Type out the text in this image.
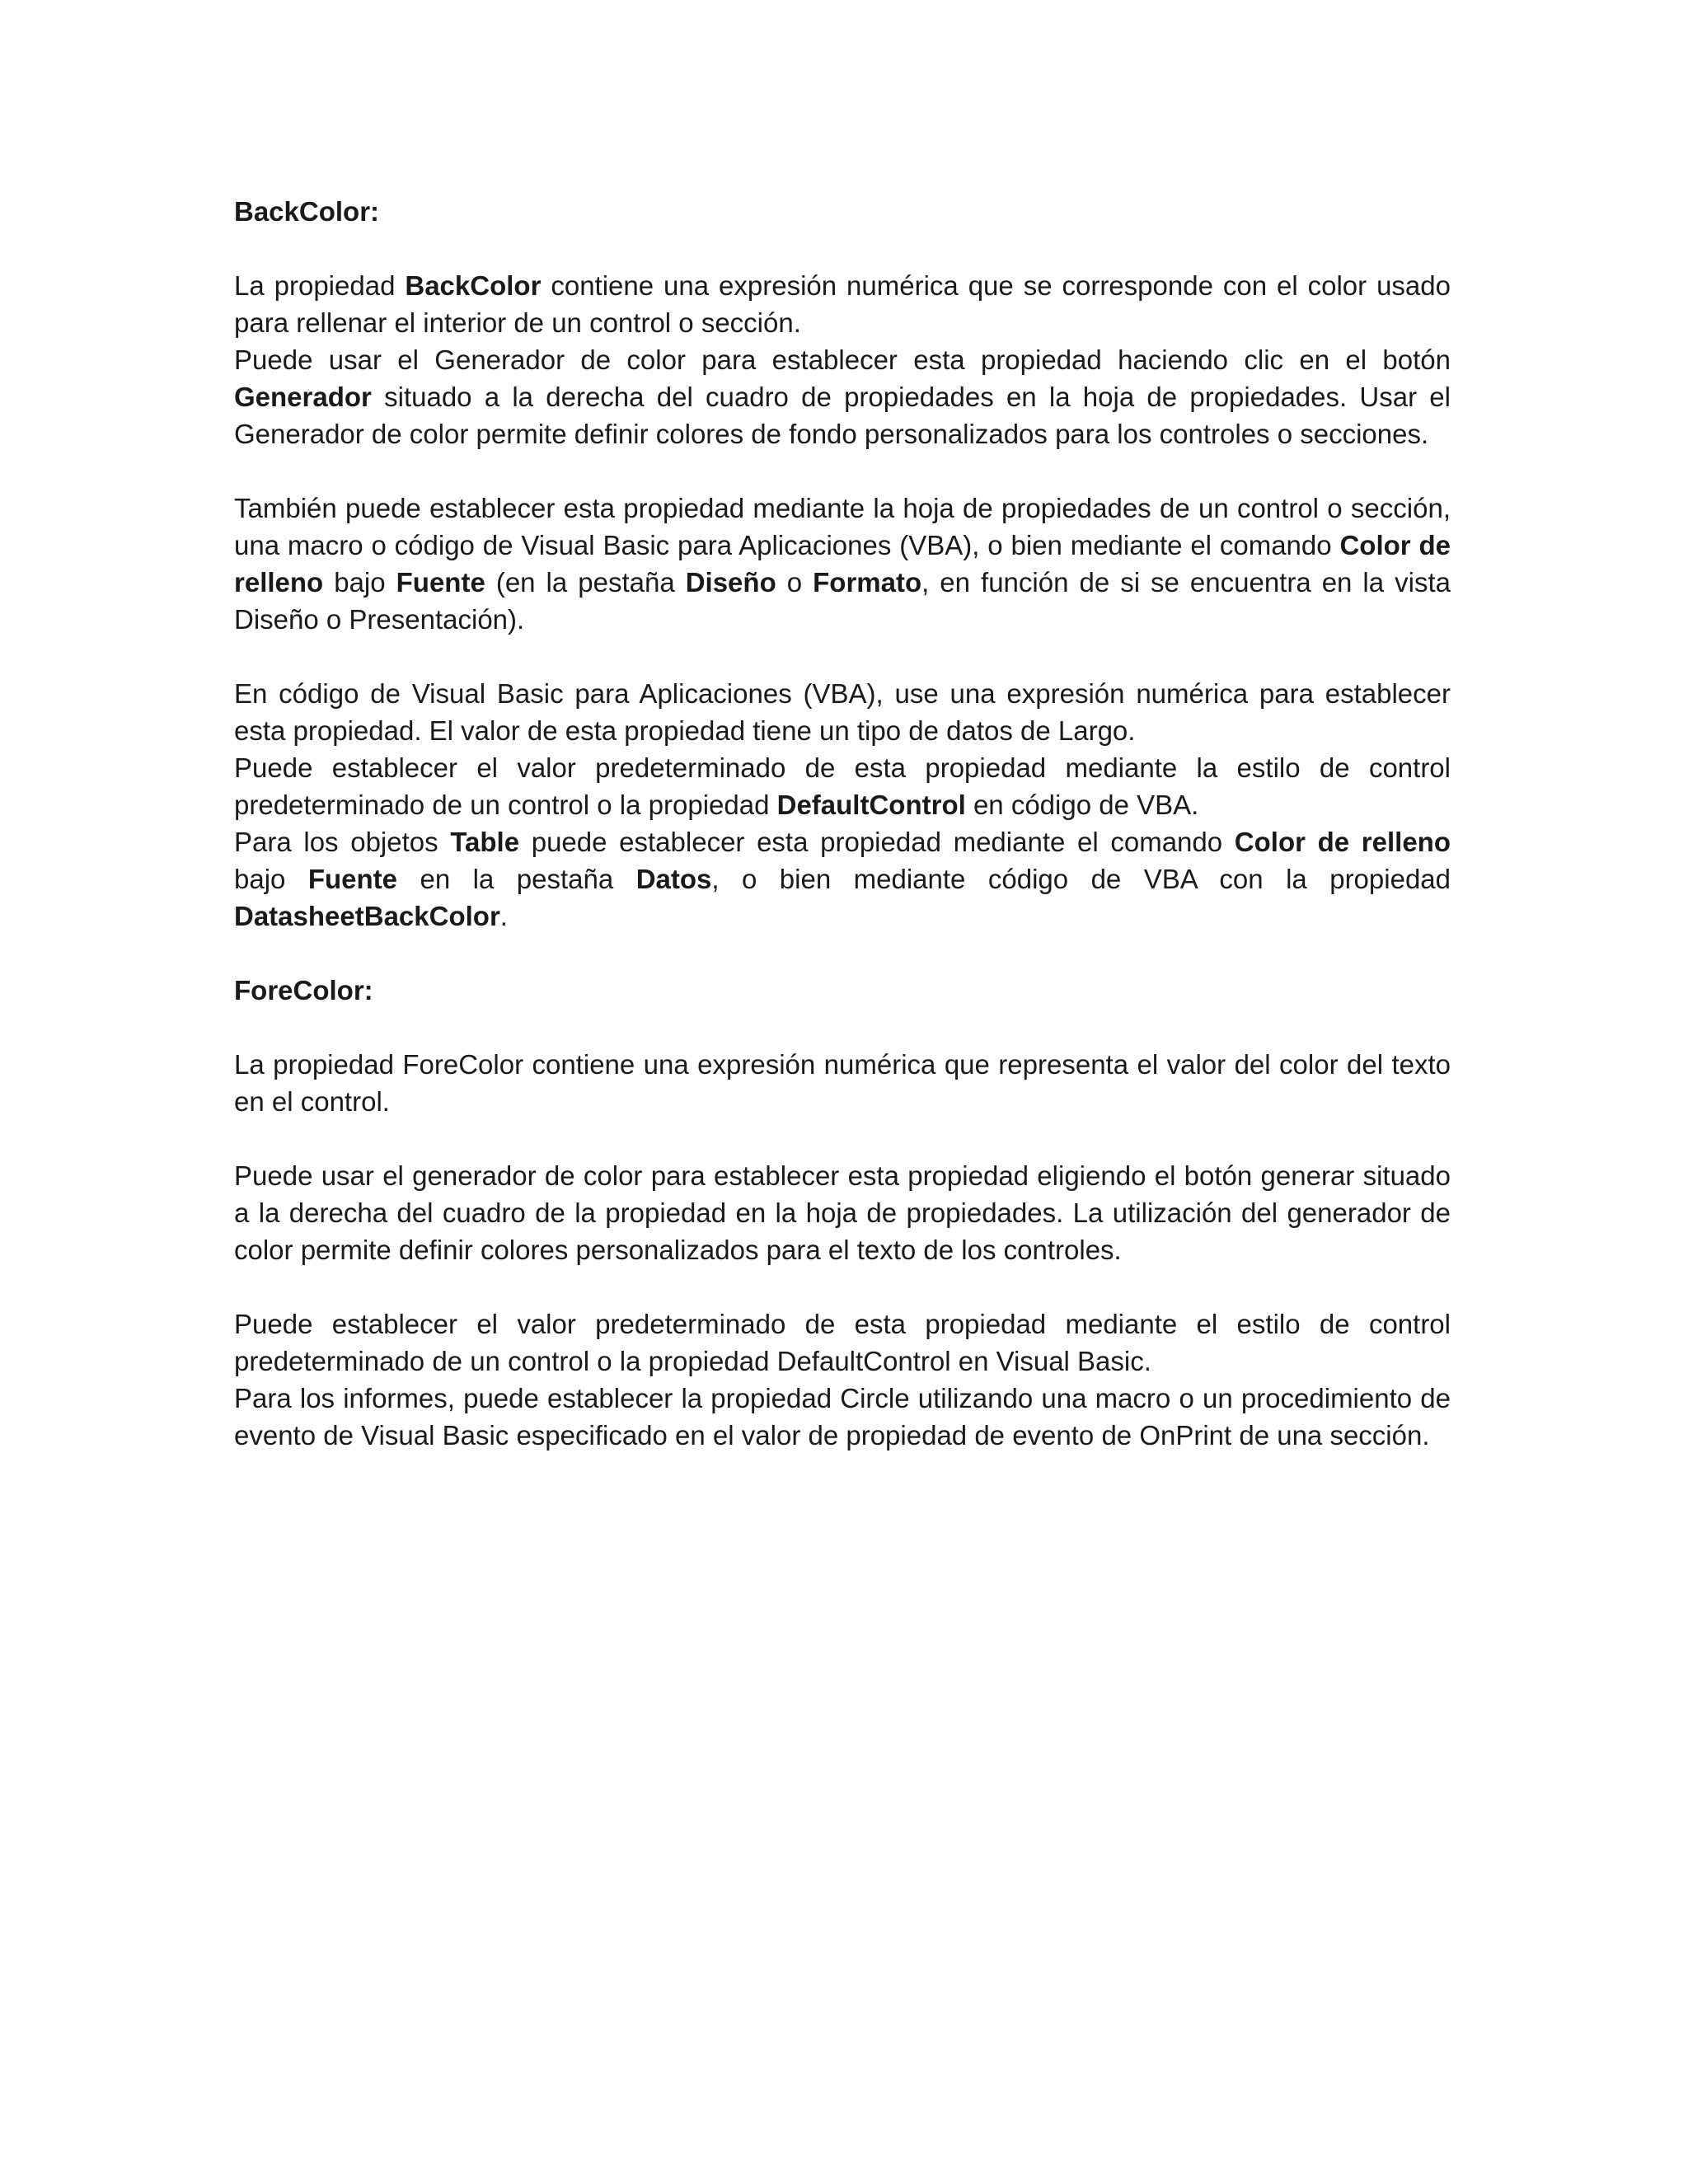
BackColor:

La propiedad BackColor contiene una expresión numérica que se corresponde con el color usado para rellenar el interior de un control o sección.

Puede usar el Generador de color para establecer esta propiedad haciendo clic en el botón Generador situado a la derecha del cuadro de propiedades en la hoja de propiedades. Usar el Generador de color permite definir colores de fondo personalizados para los controles o secciones.

También puede establecer esta propiedad mediante la hoja de propiedades de un control o sección, una macro o código de Visual Basic para Aplicaciones (VBA), o bien mediante el comando Color de relleno bajo Fuente (en la pestaña Diseño o Formato, en función de si se encuentra en la vista Diseño o Presentación).

En código de Visual Basic para Aplicaciones (VBA), use una expresión numérica para establecer esta propiedad. El valor de esta propiedad tiene un tipo de datos de Largo.

Puede establecer el valor predeterminado de esta propiedad mediante la estilo de control predeterminado de un control o la propiedad DefaultControl en código de VBA.

Para los objetos Table puede establecer esta propiedad mediante el comando Color de relleno bajo Fuente en la pestaña Datos, o bien mediante código de VBA con la propiedad DatasheetBackColor.

ForeColor:

La propiedad ForeColor contiene una expresión numérica que representa el valor del color del texto en el control.

Puede usar el generador de color para establecer esta propiedad eligiendo el botón generar situado a la derecha del cuadro de la propiedad en la hoja de propiedades. La utilización del generador de color permite definir colores personalizados para el texto de los controles.

Puede establecer el valor predeterminado de esta propiedad mediante el estilo de control predeterminado de un control o la propiedad DefaultControl en Visual Basic.

Para los informes, puede establecer la propiedad Circle utilizando una macro o un procedimiento de evento de Visual Basic especificado en el valor de propiedad de evento de OnPrint de una sección.
